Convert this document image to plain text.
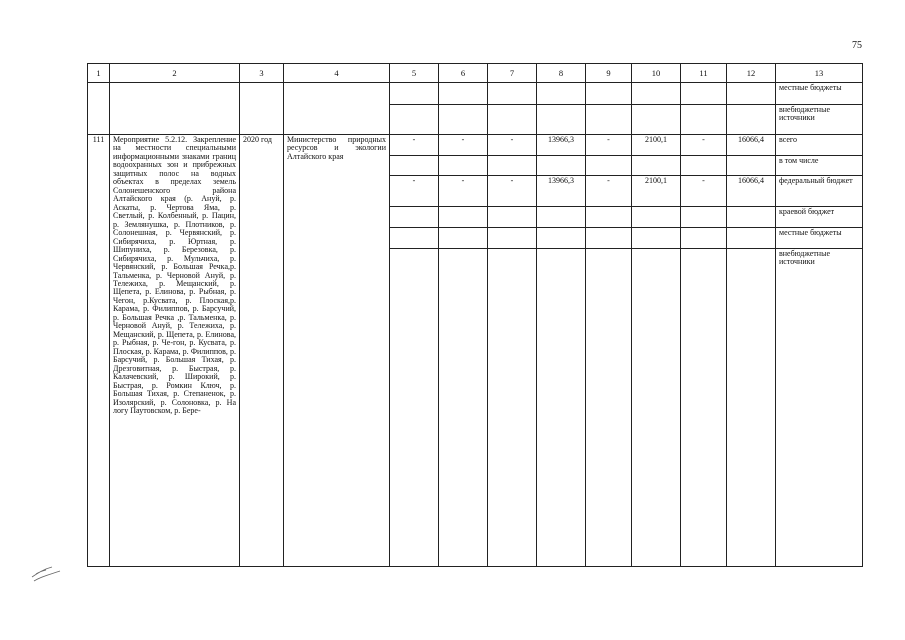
75
1	2	3	4	5	6	7	8	9	10	11	12	13
												местные бюджеты
												внебюджетные источники
111	Мероприятие 5.2.12. Закрепление на местности специальными информационными знаками границ водоохранных зон и прибрежных защитных полос на водных объектах в пределах земель Солонешенского района Алтайского края (р. Ануй, р. Аскаты, р. Чертова Яма, р. Светлый, р. Колбенный, р. Пацин, р. Землянушка, р. Плотников, р. Солонешная, р. Червянский, р. Сибирячиха, р. Юртная, р. Шипуниха, р. Березовка, р. Сибирячиха, р. Мульчиха, р. Червянский, р. Большая Речка,р. Тальменка, р. Черновой Ануй, р. Тележиха, р. Мещанский, р. Щепета, р. Елинова, р. Рыбная, р. Чегон, р.Кусвата, р. Плоская,р. Карама, р. Филиппов, р. Барсучий, р. Большая Речка ,р. Тальменка, р. Черновой Ануй, р. Тележиха, р. Мещанский, р. Щепета, р. Елинова, р. Рыбная, р. Че-гон, р. Кусвата, р. Плоская, р. Карама, р. Филиппов, р. Барсучий, р. Большая Тихая, р. Дрезговитная, р. Быстрая, р. Калачевский, р. Широкий, р. Быстрая, р. Ромкин Ключ, р. Большая Тихая, р. Степаненок, р. Изолярский, р. Солоновка, р. На логу Паутовском, р. Бере-	2020 год	Министерство природных ресурсов и экологии Алтайского края	-	-	-	13966,3	-	2100,1	-	16066,4	всего
												в том числе
				-	-	-	13966,3	-	2100,1	-	16066,4	федеральный бюджет
												краевой бюджет
												местные бюджеты
												внебюджетные источники
